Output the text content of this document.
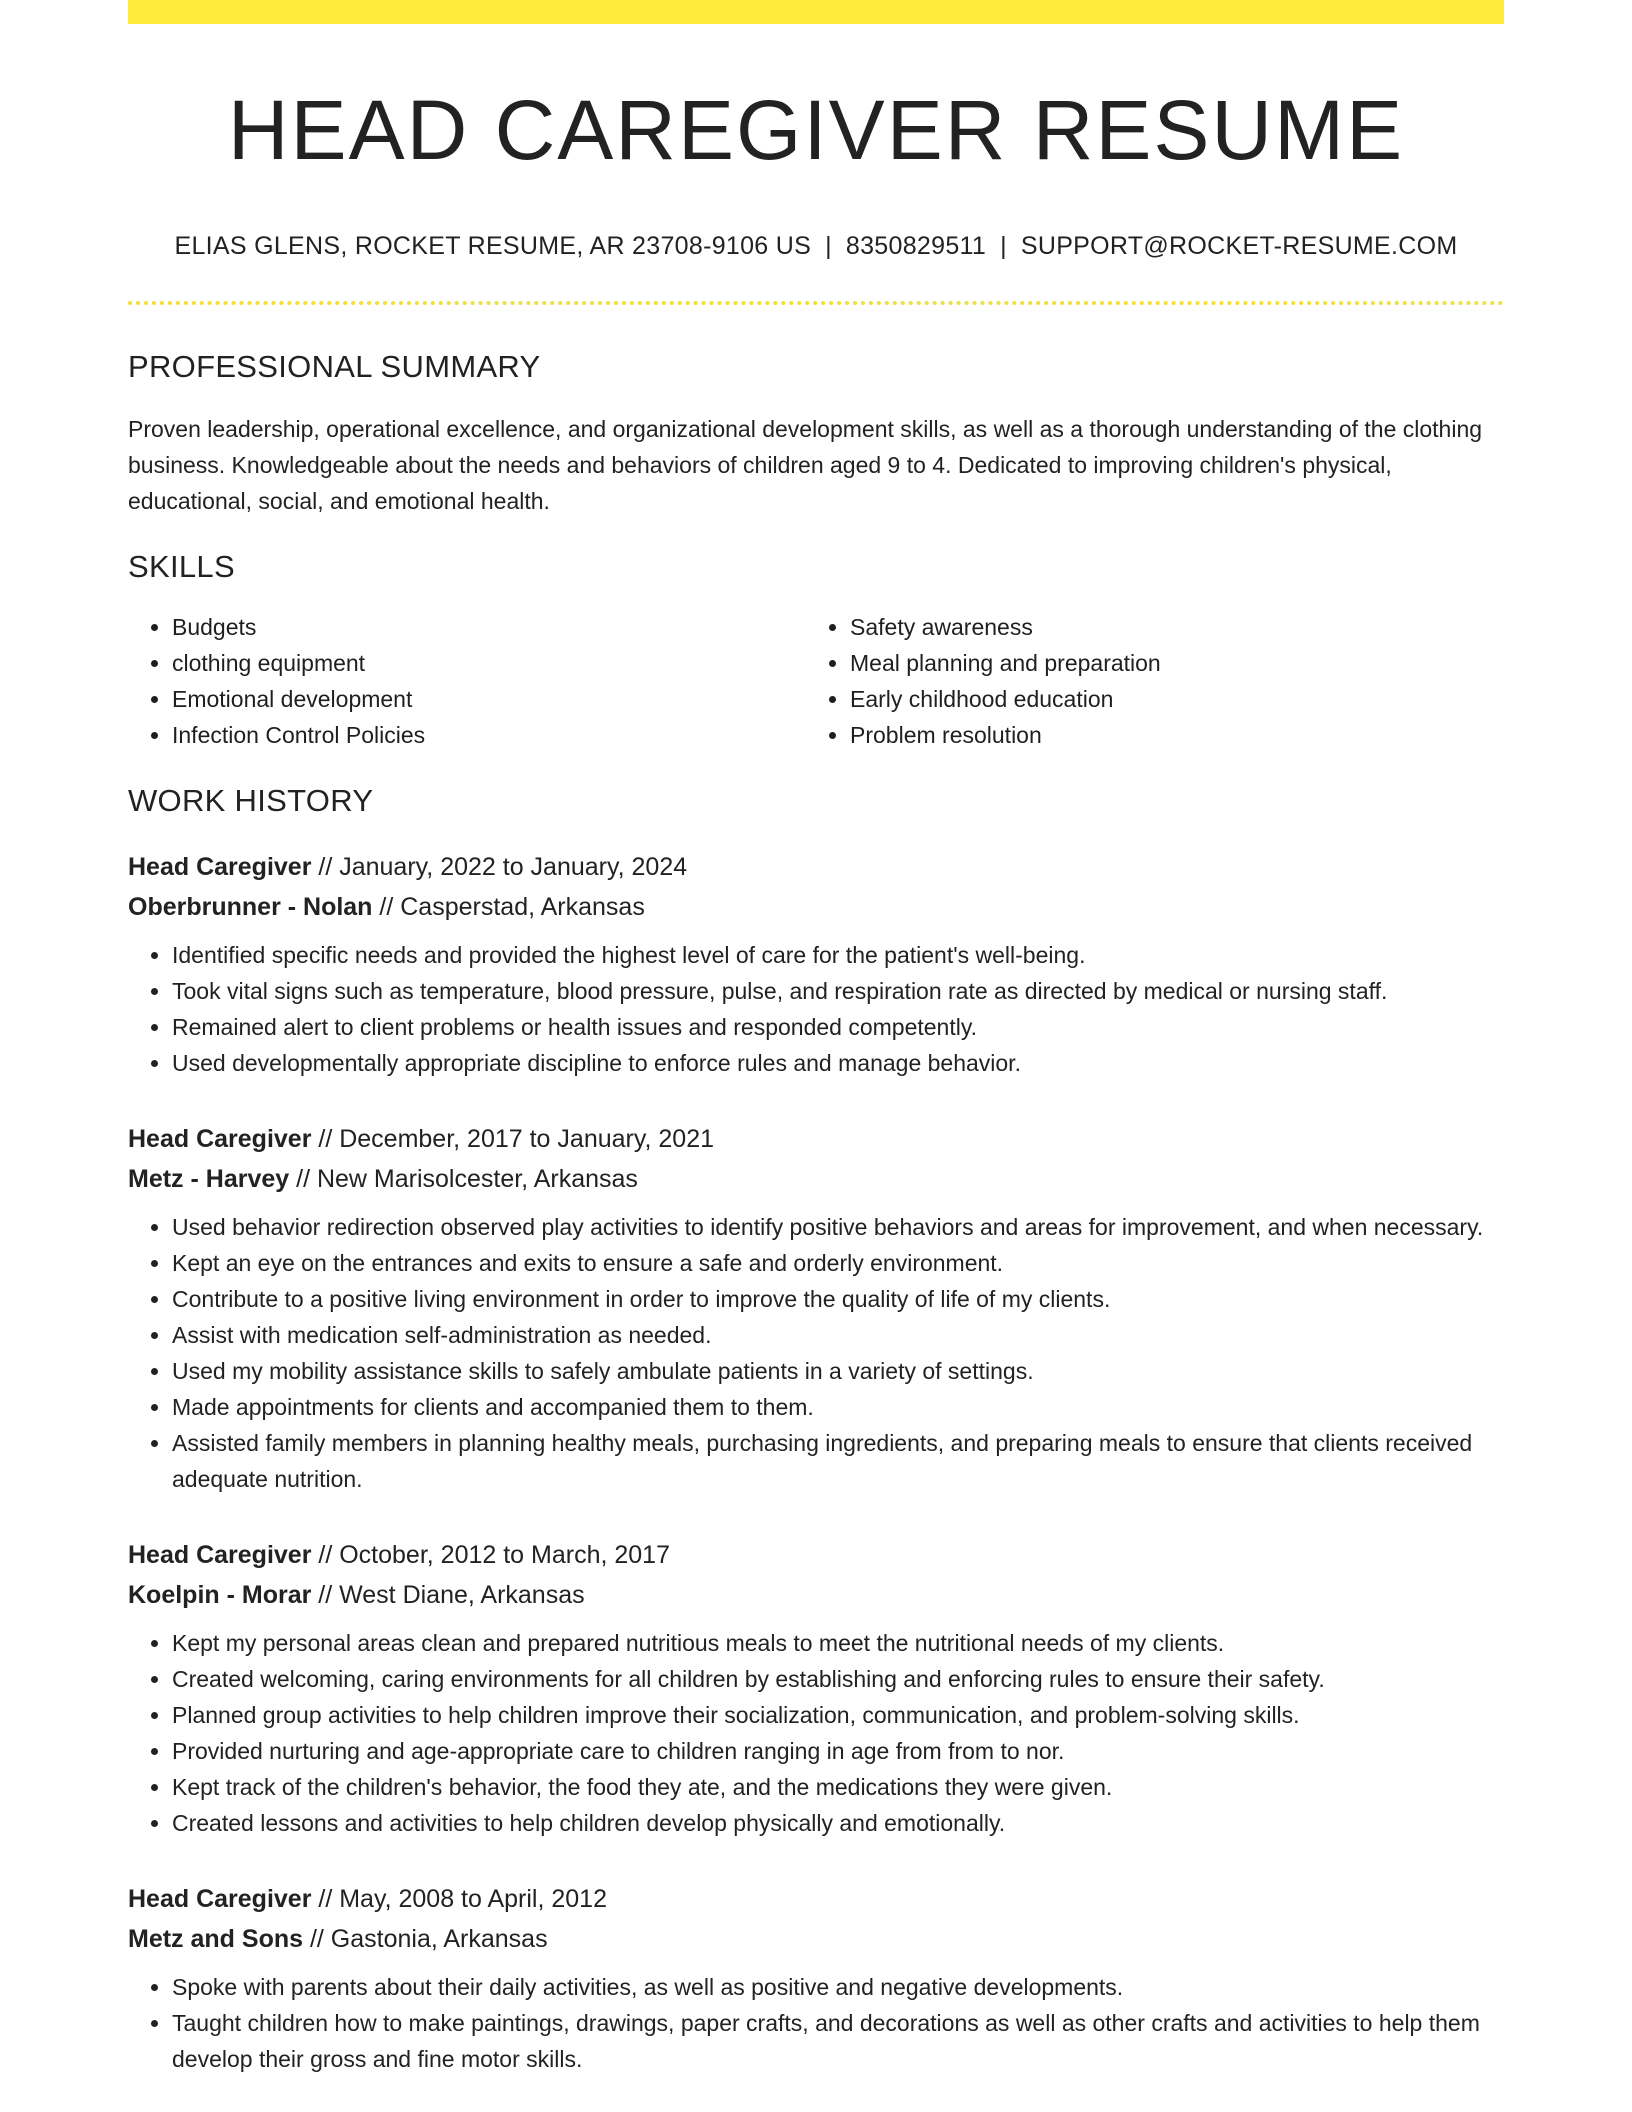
HEAD CAREGIVER RESUME
ELIAS GLENS, ROCKET RESUME, AR 23708-9106 US | 8350829511 | SUPPORT@ROCKET-RESUME.COM
PROFESSIONAL SUMMARY
Proven leadership, operational excellence, and organizational development skills, as well as a thorough understanding of the clothing business. Knowledgeable about the needs and behaviors of children aged 9 to 4. Dedicated to improving children's physical, educational, social, and emotional health.
SKILLS
• Budgets
• clothing equipment
• Emotional development
• Infection Control Policies
• Safety awareness
• Meal planning and preparation
• Early childhood education
• Problem resolution
WORK HISTORY
Head Caregiver // January, 2022 to January, 2024
Oberbrunner - Nolan // Casperstad, Arkansas
• Identified specific needs and provided the highest level of care for the patient's well-being.
• Took vital signs such as temperature, blood pressure, pulse, and respiration rate as directed by medical or nursing staff.
• Remained alert to client problems or health issues and responded competently.
• Used developmentally appropriate discipline to enforce rules and manage behavior.
Head Caregiver // December, 2017 to January, 2021
Metz - Harvey // New Marisolcester, Arkansas
• Used behavior redirection observed play activities to identify positive behaviors and areas for improvement, and when necessary.
• Kept an eye on the entrances and exits to ensure a safe and orderly environment.
• Contribute to a positive living environment in order to improve the quality of life of my clients.
• Assist with medication self-administration as needed.
• Used my mobility assistance skills to safely ambulate patients in a variety of settings.
• Made appointments for clients and accompanied them to them.
• Assisted family members in planning healthy meals, purchasing ingredients, and preparing meals to ensure that clients received adequate nutrition.
Head Caregiver // October, 2012 to March, 2017
Koelpin - Morar // West Diane, Arkansas
• Kept my personal areas clean and prepared nutritious meals to meet the nutritional needs of my clients.
• Created welcoming, caring environments for all children by establishing and enforcing rules to ensure their safety.
• Planned group activities to help children improve their socialization, communication, and problem-solving skills.
• Provided nurturing and age-appropriate care to children ranging in age from from to nor.
• Kept track of the children's behavior, the food they ate, and the medications they were given.
• Created lessons and activities to help children develop physically and emotionally.
Head Caregiver // May, 2008 to April, 2012
Metz and Sons // Gastonia, Arkansas
• Spoke with parents about their daily activities, as well as positive and negative developments.
• Taught children how to make paintings, drawings, paper crafts, and decorations as well as other crafts and activities to help them develop their gross and fine motor skills.
